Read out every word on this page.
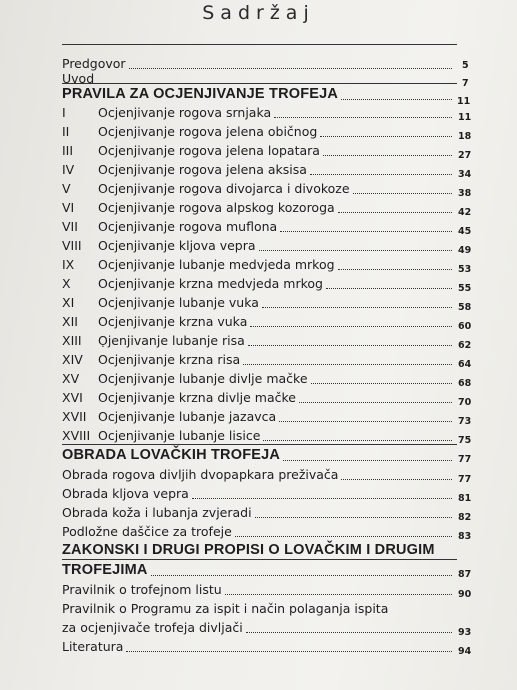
Sadržaj
Predgovor	5
Uvod	7
PRAVILA ZA OCJENJIVANJE TROFEJA	11
I	Ocjenjivanje rogova srnjaka	11
II Ocjenjivanje rogova jelena običnog	18
III Ocjenjivanje rogova jelena lopatara	27
IV Ocjenjivanje rogova jelena aksisa	34
V Ocjenjivanje rogova divojarca i divokoze	38
VI Ocjenjivanje rogova alpskog kozoroga	42
VII Ocjenjivanje rogova muflona	45
VIII Ocjenjivanje kljova vepra	49
IX Ocjenjivanje lubanje medvjeda mrkog	53
X Ocjenjivanje krzna medvjeda mrkog	55
XI Ocjenjivanje lubanje vuka	58
XII Ocjenjivanje krzna vuka	60
XIII Ọjenjivanje lubanje risa	62
XIV Ocjenjivanje krzna risa	64
XV Ocjenjivanje lubanje divlje mačke	68
XVI Ocjenjivanje krzna divlje mačke	70
XVII Ocjenjivanje lubanje jazavca	73
XVIII Ocjenjivanje lubanje lisice	75
OBRADA LOVAČKIH TROFEJA	77
Obrada rogova divljih dvopapkara preživača	77
Obrada kljova vepra	81
Obrada koža i lubanja zvjeradi	82
Podložne daščice za trofeje	83
ZAKONSKI I DRUGI PROPISI O LOVAČKIM I DRUGIM
TROFEJIMA	87
Pravilnik o trofejnom listu	90
Pravilnik o Programu za ispit i način polaganja ispita
za ocjenjivače trofeja divljači	93
Literatura	94
